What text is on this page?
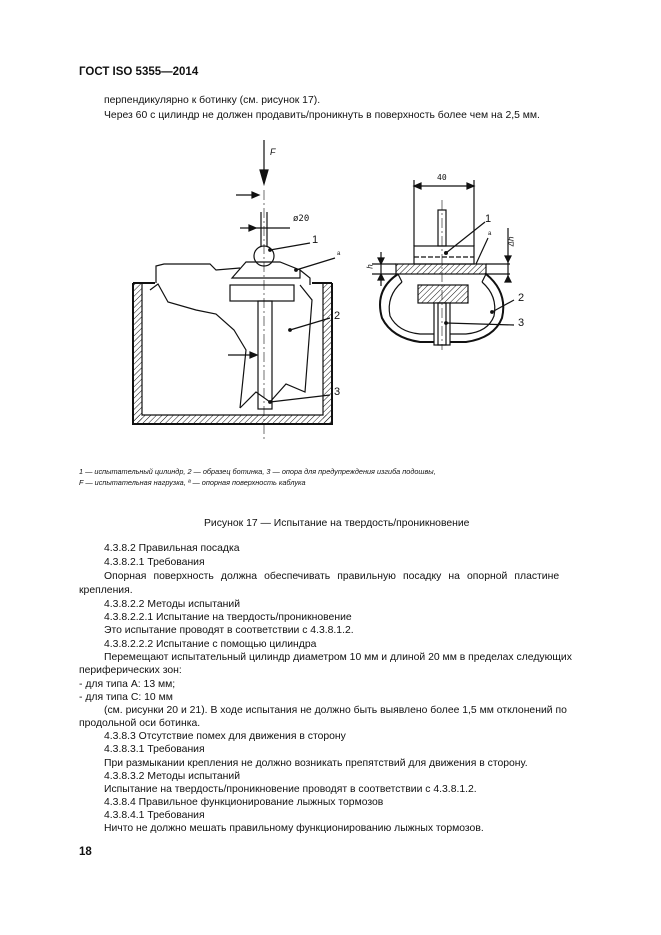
ГОСТ ISO 5355—2014
перпендикулярно к ботинку (см. рисунок 17).
Через 60 с цилиндр не должен продавить/проникнуть в поверхность более чем на 2,5 мм.
F
ø20
1
a
2
3
40
1
a
h
Δh
2
3
1 — испытательный цилиндр, 2 — образец ботинка, 3 — опора для предупреждения изгиба подошвы,
F — испытательная нагрузка, ª — опорная поверхность каблука
Рисунок 17 — Испытание на твердость/проникновение
4.3.8.2 Правильная посадка
4.3.8.2.1 Требования
Опорная поверхность должна обеспечивать правильную посадку на опорной пластине
крепления.
4.3.8.2.2 Методы испытаний
4.3.8.2.2.1 Испытание на твердость/проникновение
Это испытание проводят в соответствии с 4.3.8.1.2.
4.3.8.2.2.2 Испытание с помощью цилиндра
Перемещают испытательный цилиндр диаметром 10 мм и длиной 20 мм в пределах следующих
периферических зон:
- для типа A: 13 мм;
- для типа C: 10 мм
(см. рисунки 20 и 21). В ходе испытания не должно быть выявлено более 1,5 мм отклонений по
продольной оси ботинка.
4.3.8.3 Отсутствие помех для движения в сторону
4.3.8.3.1 Требования
При размыкании крепления не должно возникать препятствий для движения в сторону.
4.3.8.3.2 Методы испытаний
Испытание на твердость/проникновение проводят в соответствии с 4.3.8.1.2.
4.3.8.4 Правильное функционирование лыжных тормозов
4.3.8.4.1 Требования
Ничто не должно мешать правильному функционированию лыжных тормозов.
18
